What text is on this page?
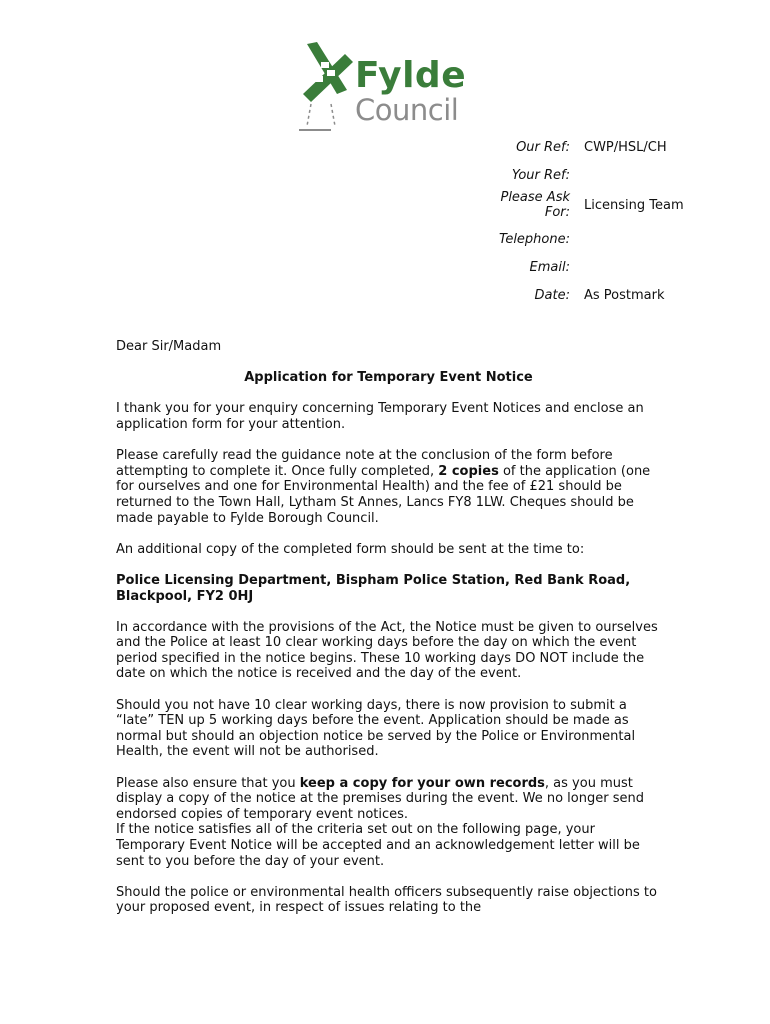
Fylde
Council
Our Ref: CWP/HSL/CH
Your Ref:
Please Ask
For: Licensing Team
Telephone:
Email:
Date: As Postmark

Dear Sir/Madam

Application for Temporary Event Notice

I thank you for your enquiry concerning Temporary Event Notices and enclose an application form for your attention.

Please carefully read the guidance note at the conclusion of the form before attempting to complete it. Once fully completed, 2 copies of the application (one for ourselves and one for Environmental Health) and the fee of £21 should be returned to the Town Hall, Lytham St Annes, Lancs FY8 1LW. Cheques should be made payable to Fylde Borough Council.

An additional copy of the completed form should be sent at the time to:

Police Licensing Department, Bispham Police Station, Red Bank Road, Blackpool, FY2 0HJ

In accordance with the provisions of the Act, the Notice must be given to ourselves and the Police at least 10 clear working days before the day on which the event period specified in the notice begins. These 10 working days DO NOT include the date on which the notice is received and the day of the event.

Should you not have 10 clear working days, there is now provision to submit a “late” TEN up 5 working days before the event. Application should be made as normal but should an objection notice be served by the Police or Environmental Health, the event will not be authorised.

Please also ensure that you keep a copy for your own records, as you must display a copy of the notice at the premises during the event. We no longer send endorsed copies of temporary event notices.
If the notice satisfies all of the criteria set out on the following page, your Temporary Event Notice will be accepted and an acknowledgement letter will be sent to you before the day of your event.

Should the police or environmental health officers subsequently raise objections to your proposed event, in respect of issues relating to the
